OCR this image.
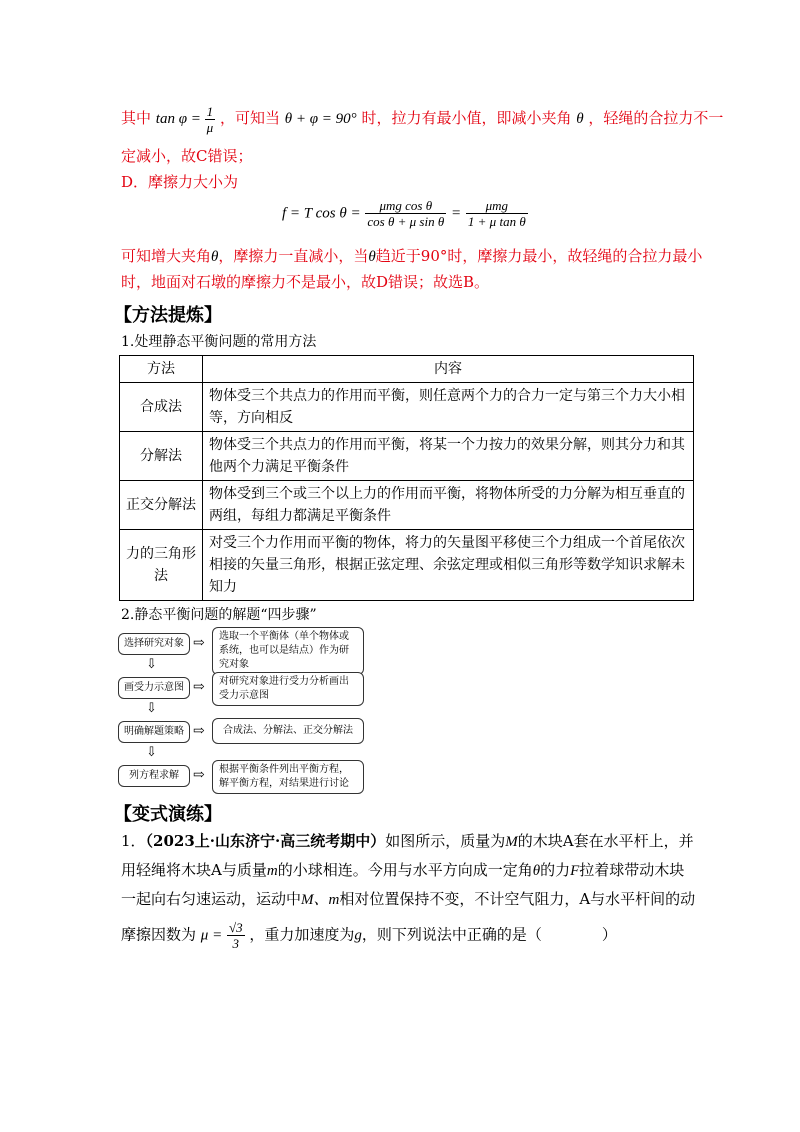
其中 $\tan \varphi = \frac{1}{\mu}$ ，可知当 θ + φ = 90° 时，拉力有最小值，即减小夹角 θ ，轻绳的合拉力不一
定减小，故C错误；
D．摩擦力大小为
f = T $\cos \theta = \frac{\text{μmg cos θ}}{\text{cos θ + μ sin θ}} = \frac{\text{μmg}}{\text{1 + μ tan θ}}$
可知增大夹角θ，摩擦力一直减小，当θ趋近于90°时，摩擦力最小，故轻绳的合拉力最小
时，地面对石墩的摩擦力不是最小，故D错误；故选B。
【方法提炼】
1.处理静态平衡问题的常用方法
方法	内容
合成法	物体受三个共点力的作用而平衡，则任意两个力的合力一定与第三个力大小相等，方向相反
分解法	物体受三个共点力的作用而平衡，将某一个力按力的效果分解，则其分力和其他两个力满足平衡条件
正交分解法	物体受到三个或三个以上力的作用而平衡，将物体所受的力分解为相互垂直的两组，每组力都满足平衡条件
力的三角形法	对受三个力作用而平衡的物体，将力的矢量图平移使三个力组成一个首尾依次相接的矢量三角形，根据正弦定理、余弦定理或相似三角形等数学知识求解未知力
2.静态平衡问题的解题“四步骤”
选择研究对象 ⇨	选取一个平衡体（单个物体或系统，也可以是结点）作为研究对象
⇩
画受力示意图 ⇨	对研究对象进行受力分析画出受力示意图
⇩
明确解题策略 ⇨	合成法、分解法、正交分解法
⇩
列方程求解	⇨	根据平衡条件列出平衡方程，解平衡方程，对结果进行讨论
【变式演练】
1．（2023上·山东济宁·高三统考期中）如图所示，质量为M的木块A套在水平杆上，并
用轻绳将木块A与质量m的小球相连。今用与水平方向成一定角θ的力F拉着球带动木块
一起向右匀速运动，运动中M、m相对位置保持不变，不计空气阻力，A与水平杆间的动
摩擦因数为 $\mu = \frac{√3}{3}$ ，重力加速度为g，则下列说法中正确的是（　　　　）
